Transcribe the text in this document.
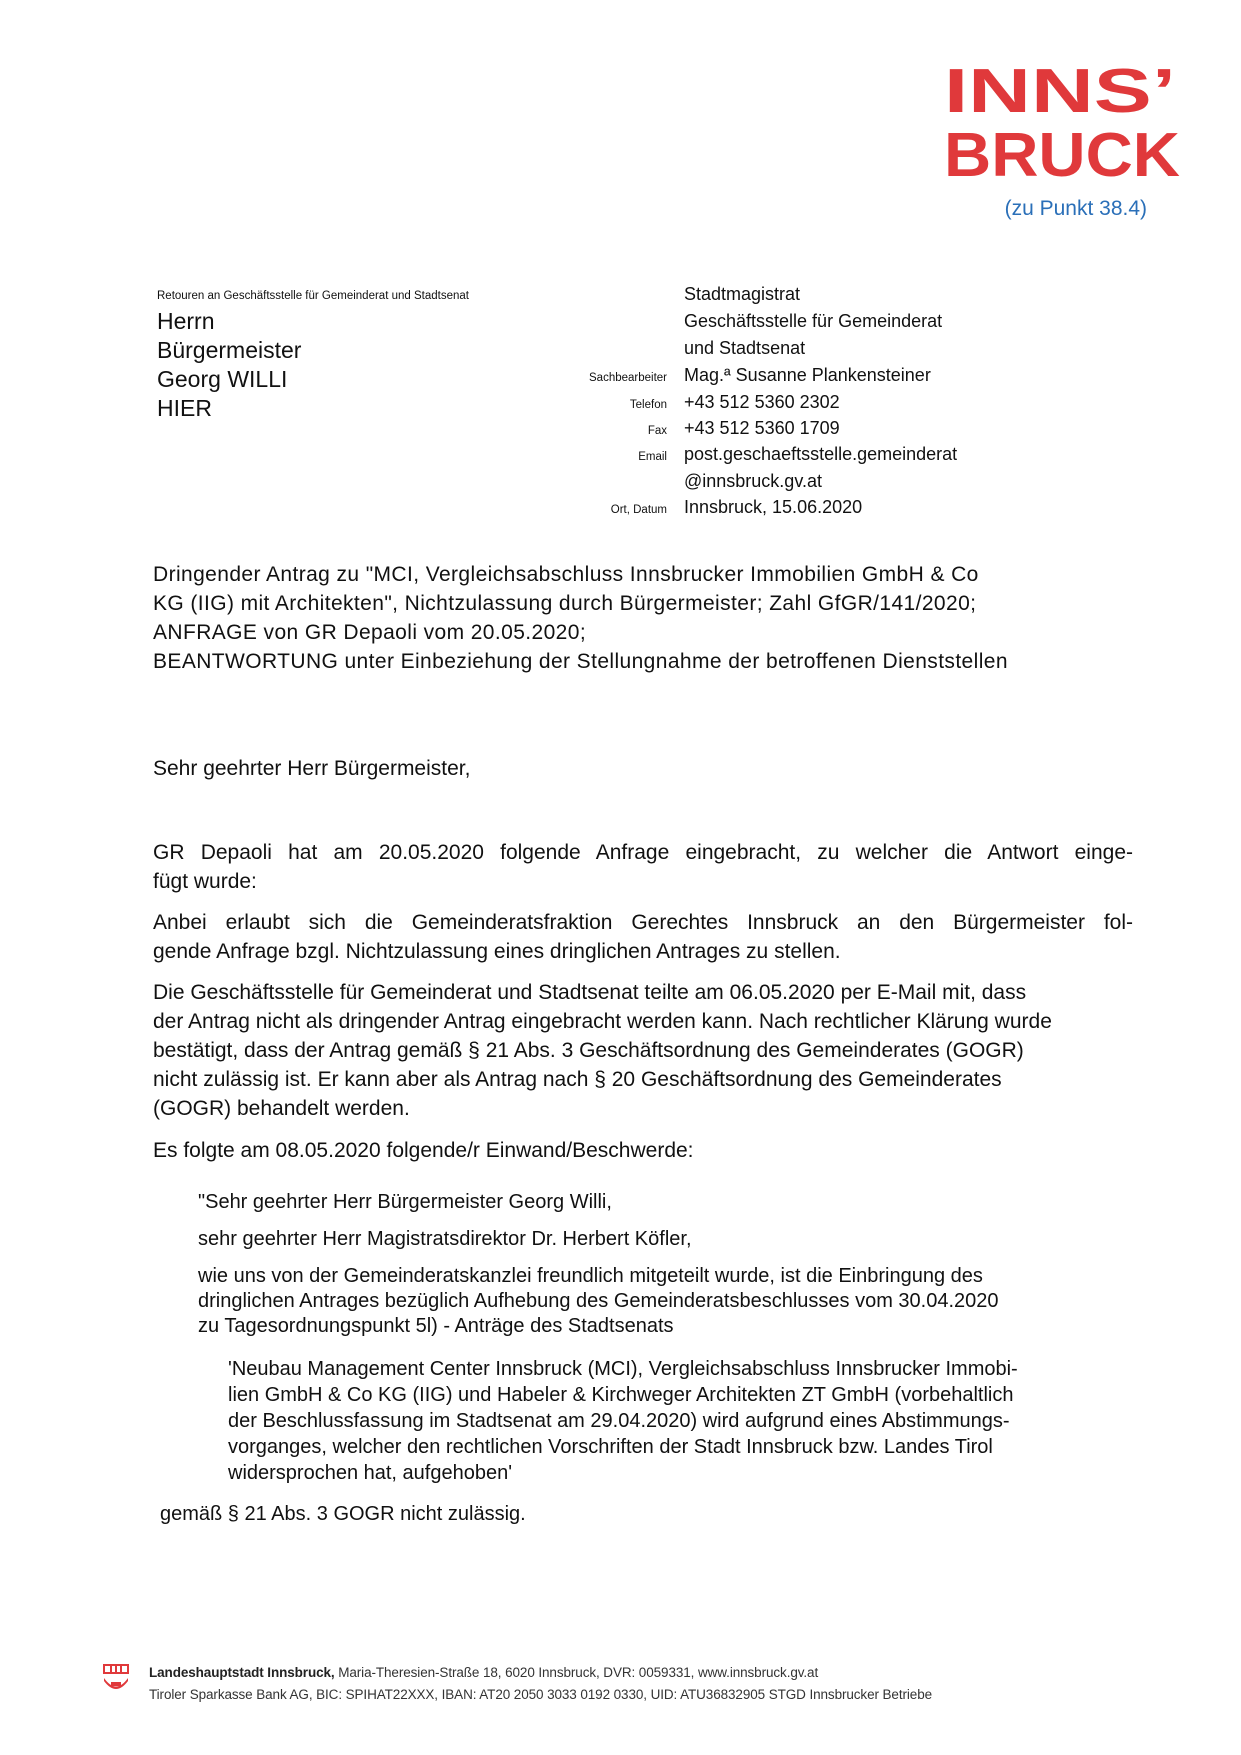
INNS’
BRUCK
(zu Punkt 38.4)
Retouren an Geschäftsstelle für Gemeinderat und Stadtsenat
Herrn
Bürgermeister
Georg WILLI
HIER
Stadtmagistrat
Geschäftsstelle für Gemeinderat
und Stadtsenat
Sachbearbeiter Mag.ª Susanne Plankensteiner
Telefon +43 512 5360 2302
Fax +43 512 5360 1709
Email post.geschaeftsstelle.gemeinderat
@innsbruck.gv.at
Ort, Datum Innsbruck, 15.06.2020
Dringender Antrag zu "MCI, Vergleichsabschluss Innsbrucker Immobilien GmbH & Co
KG (IIG) mit Architekten", Nichtzulassung durch Bürgermeister; Zahl GfGR/141/2020;
ANFRAGE von GR Depaoli vom 20.05.2020;
BEANTWORTUNG unter Einbeziehung der Stellungnahme der betroffenen Dienststellen
Sehr geehrter Herr Bürgermeister,
GR Depaoli hat am 20.05.2020 folgende Anfrage eingebracht, zu welcher die Antwort einge-
fügt wurde:
Anbei erlaubt sich die Gemeinderatsfraktion Gerechtes Innsbruck an den Bürgermeister fol-
gende Anfrage bzgl. Nichtzulassung eines dringlichen Antrages zu stellen.
Die Geschäftsstelle für Gemeinderat und Stadtsenat teilte am 06.05.2020 per E-Mail mit, dass
der Antrag nicht als dringender Antrag eingebracht werden kann. Nach rechtlicher Klärung wurde
bestätigt, dass der Antrag gemäß § 21 Abs. 3 Geschäftsordnung des Gemeinderates (GOGR)
nicht zulässig ist. Er kann aber als Antrag nach § 20 Geschäftsordnung des Gemeinderates
(GOGR) behandelt werden.
Es folgte am 08.05.2020 folgende/r Einwand/Beschwerde:
"Sehr geehrter Herr Bürgermeister Georg Willi,
sehr geehrter Herr Magistratsdirektor Dr. Herbert Köfler,
wie uns von der Gemeinderatskanzlei freundlich mitgeteilt wurde, ist die Einbringung des
dringlichen Antrages bezüglich Aufhebung des Gemeinderatsbeschlusses vom 30.04.2020
zu Tagesordnungspunkt 5l) - Anträge des Stadtsenats
'Neubau Management Center Innsbruck (MCI), Vergleichsabschluss Innsbrucker Immobi-
lien GmbH & Co KG (IIG) und Habeler & Kirchweger Architekten ZT GmbH (vorbehaltlich
der Beschlussfassung im Stadtsenat am 29.04.2020) wird aufgrund eines Abstimmungs-
vorganges, welcher den rechtlichen Vorschriften der Stadt Innsbruck bzw. Landes Tirol
widersprochen hat, aufgehoben'
gemäß § 21 Abs. 3 GOGR nicht zulässig.
Landeshauptstadt Innsbruck, Maria-Theresien-Straße 18, 6020 Innsbruck, DVR: 0059331, www.innsbruck.gv.at
Tiroler Sparkasse Bank AG, BIC: SPIHAT22XXX, IBAN: AT20 2050 3033 0192 0330, UID: ATU36832905 STGD Innsbrucker Betriebe
